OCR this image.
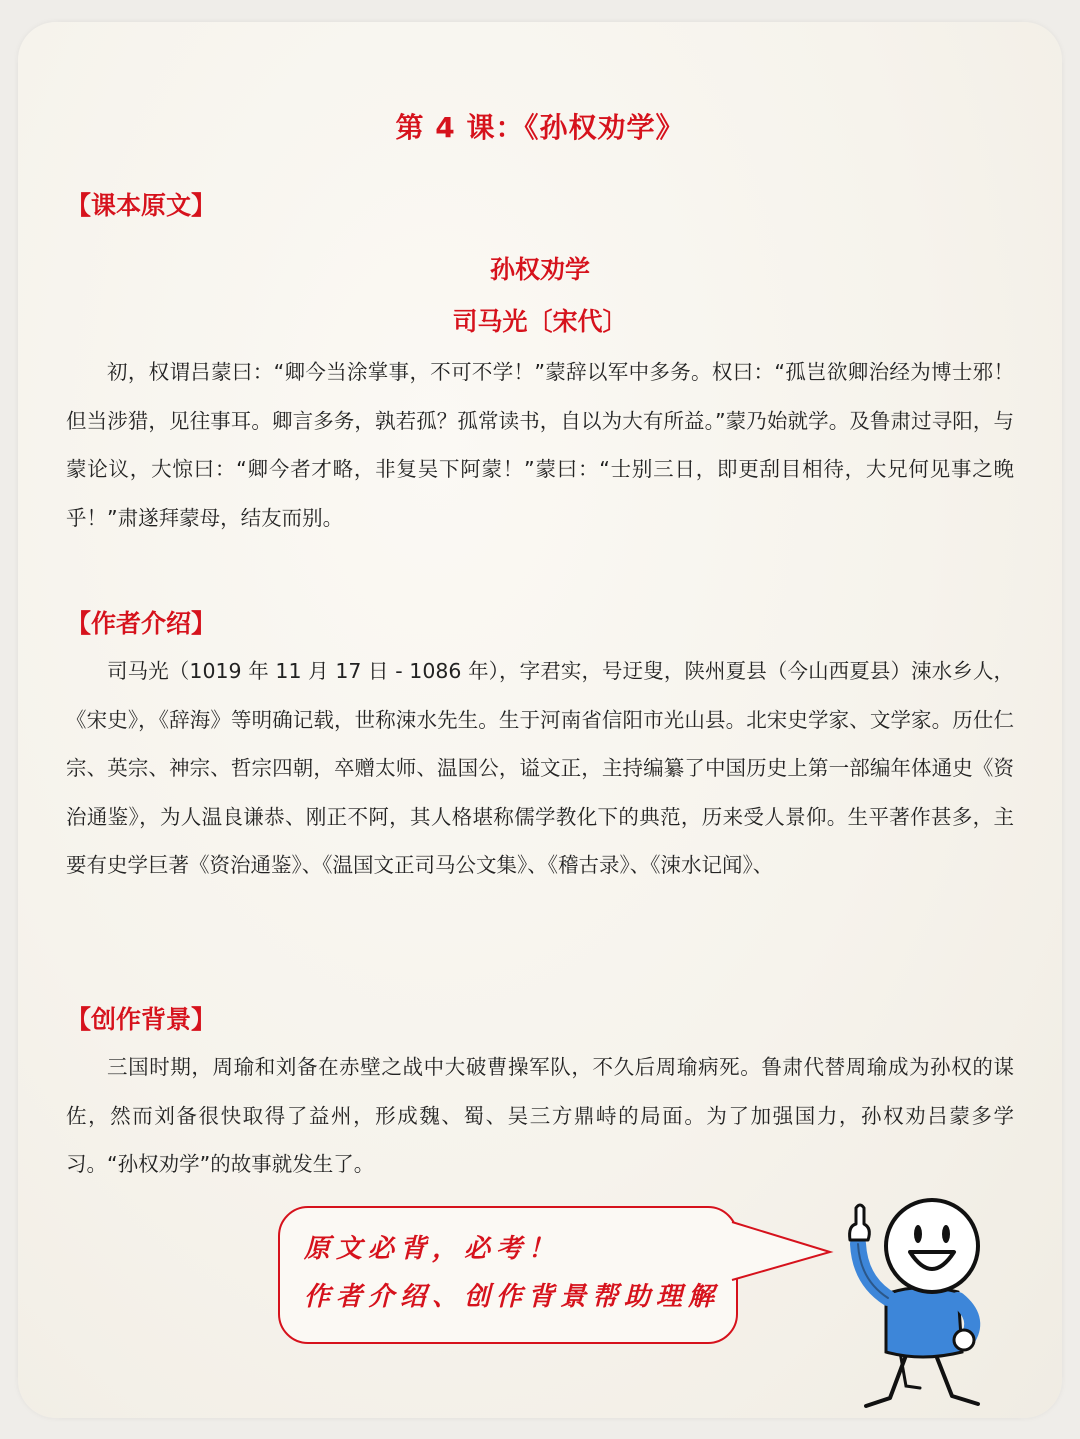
第 4 课：《孙权劝学》
【课本原文】
孙权劝学
司马光〔宋代〕

初，权谓吕蒙曰：“卿今当涂掌事，不可不学！”蒙辞以军中多务。权曰：“孤岂欲卿治经为博士邪！但当涉猎，见往事耳。卿言多务，孰若孤？孤常读书，自以为大有所益。”蒙乃始就学。及鲁肃过寻阳，与蒙论议，大惊曰：“卿今者才略，非复吴下阿蒙！”蒙曰：“士别三日，即更刮目相待，大兄何见事之晚乎！”肃遂拜蒙母，结友而别。

【作者介绍】

司马光（1019 年 11 月 17 日 - 1086 年），字君实，号迂叟，陕州夏县（今山西夏县）涑水乡人，《宋史》，《辞海》等明确记载，世称涑水先生。生于河南省信阳市光山县。北宋史学家、文学家。历仕仁宗、英宗、神宗、哲宗四朝，卒赠太师、温国公，谥文正，主持编纂了中国历史上第一部编年体通史《资治通鉴》，为人温良谦恭、刚正不阿，其人格堪称儒学教化下的典范，历来受人景仰。生平著作甚多，主要有史学巨著《资治通鉴》、《温国文正司马公文集》、《稽古录》、《涑水记闻》、

【创作背景】

三国时期，周瑜和刘备在赤壁之战中大破曹操军队，不久后周瑜病死。鲁肃代替周瑜成为孙权的谋佐，然而刘备很快取得了益州，形成魏、蜀、吴三方鼎峙的局面。为了加强国力，孙权劝吕蒙多学习。“孙权劝学”的故事就发生了。

原文必背，必考！
作者介绍、创作背景帮助理解
